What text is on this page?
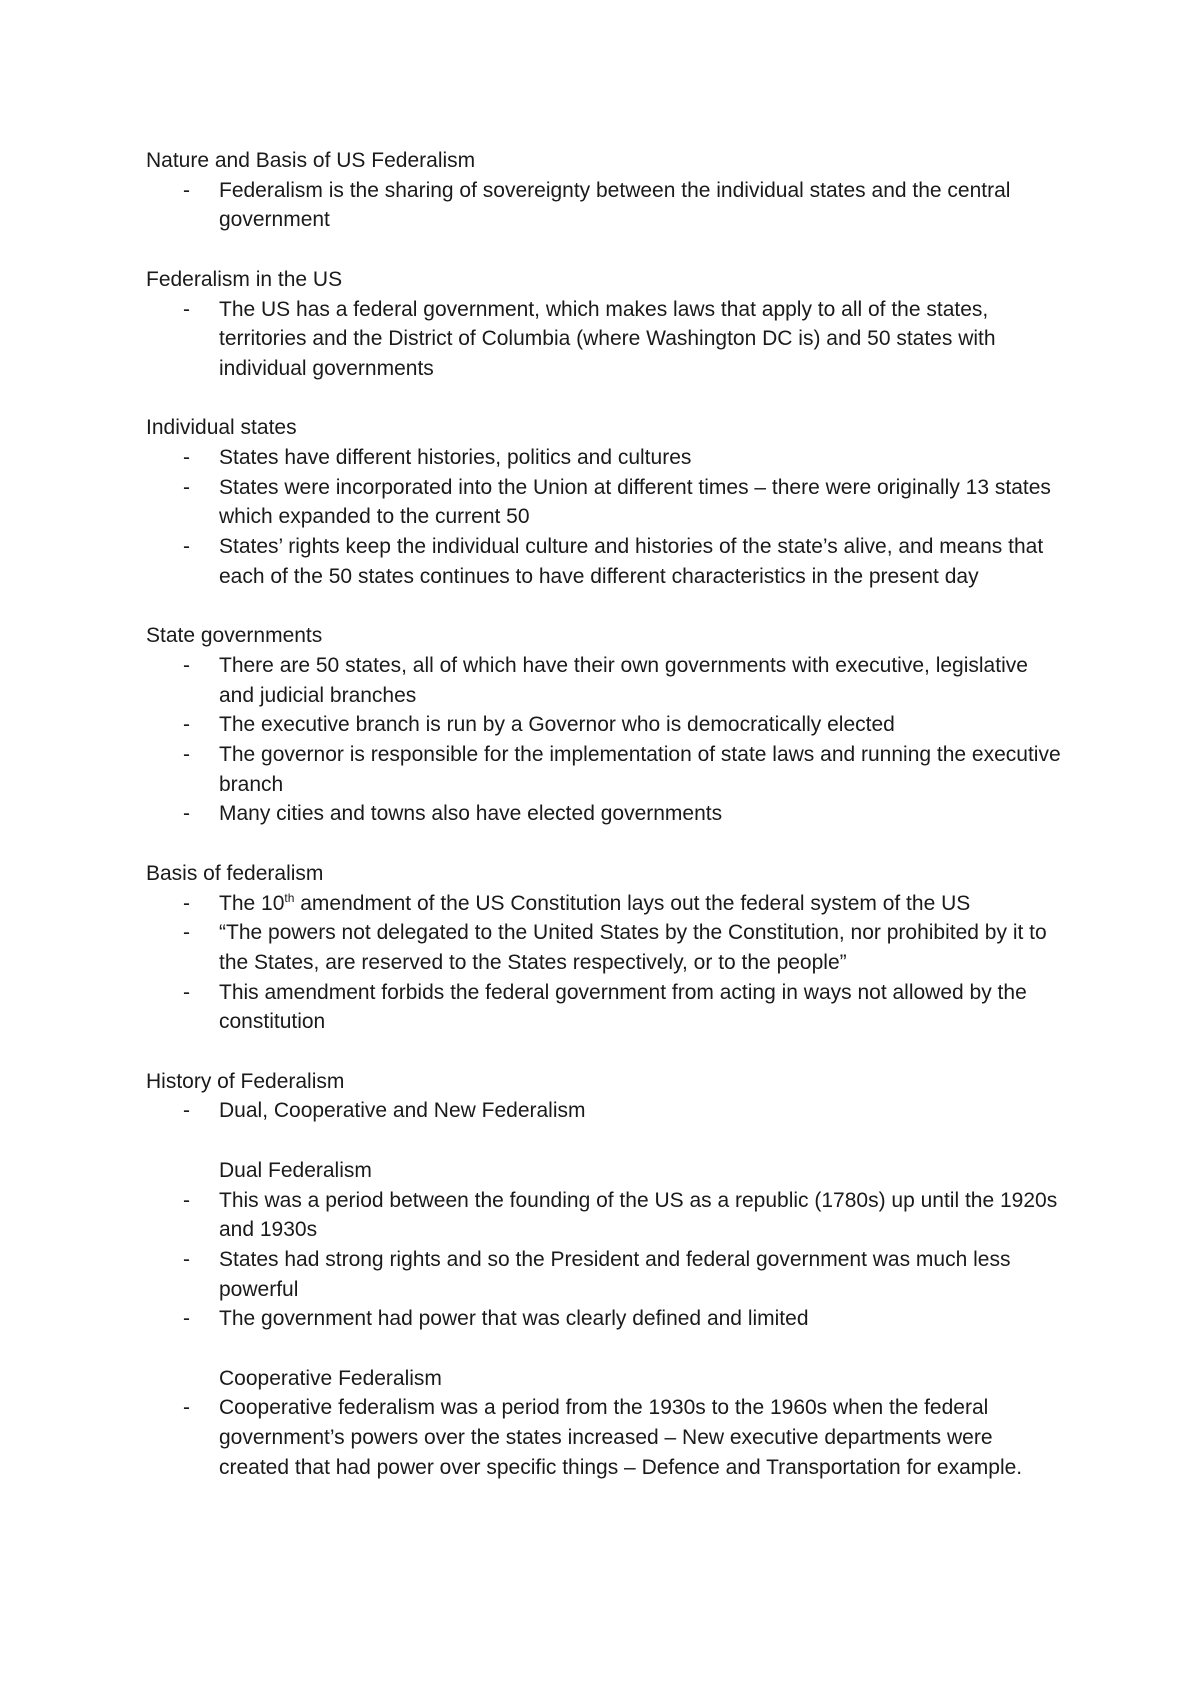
Nature and Basis of US Federalism

- Federalism is the sharing of sovereignty between the individual states and the central government

Federalism in the US

- The US has a federal government, which makes laws that apply to all of the states, territories and the District of Columbia (where Washington DC is) and 50 states with individual governments

Individual states

- States have different histories, politics and cultures
- States were incorporated into the Union at different times – there were originally 13 states which expanded to the current 50
- States’ rights keep the individual culture and histories of the state’s alive, and means that each of the 50 states continues to have different characteristics in the present day

State governments

- There are 50 states, all of which have their own governments with executive, legislative and judicial branches
- The executive branch is run by a Governor who is democratically elected
- The governor is responsible for the implementation of state laws and running the executive branch
- Many cities and towns also have elected governments

Basis of federalism

- The 10th amendment of the US Constitution lays out the federal system of the US
- “The powers not delegated to the United States by the Constitution, nor prohibited by it to the States, are reserved to the States respectively, or to the people”
- This amendment forbids the federal government from acting in ways not allowed by the constitution

History of Federalism

- Dual, Cooperative and New Federalism
Dual Federalism
- This was a period between the founding of the US as a republic (1780s) up until the 1920s and 1930s
- States had strong rights and so the President and federal government was much less powerful
- The government had power that was clearly defined and limited
Cooperative Federalism
- Cooperative federalism was a period from the 1930s to the 1960s when the federal government’s powers over the states increased – New executive departments were created that had power over specific things – Defence and Transportation for example.
